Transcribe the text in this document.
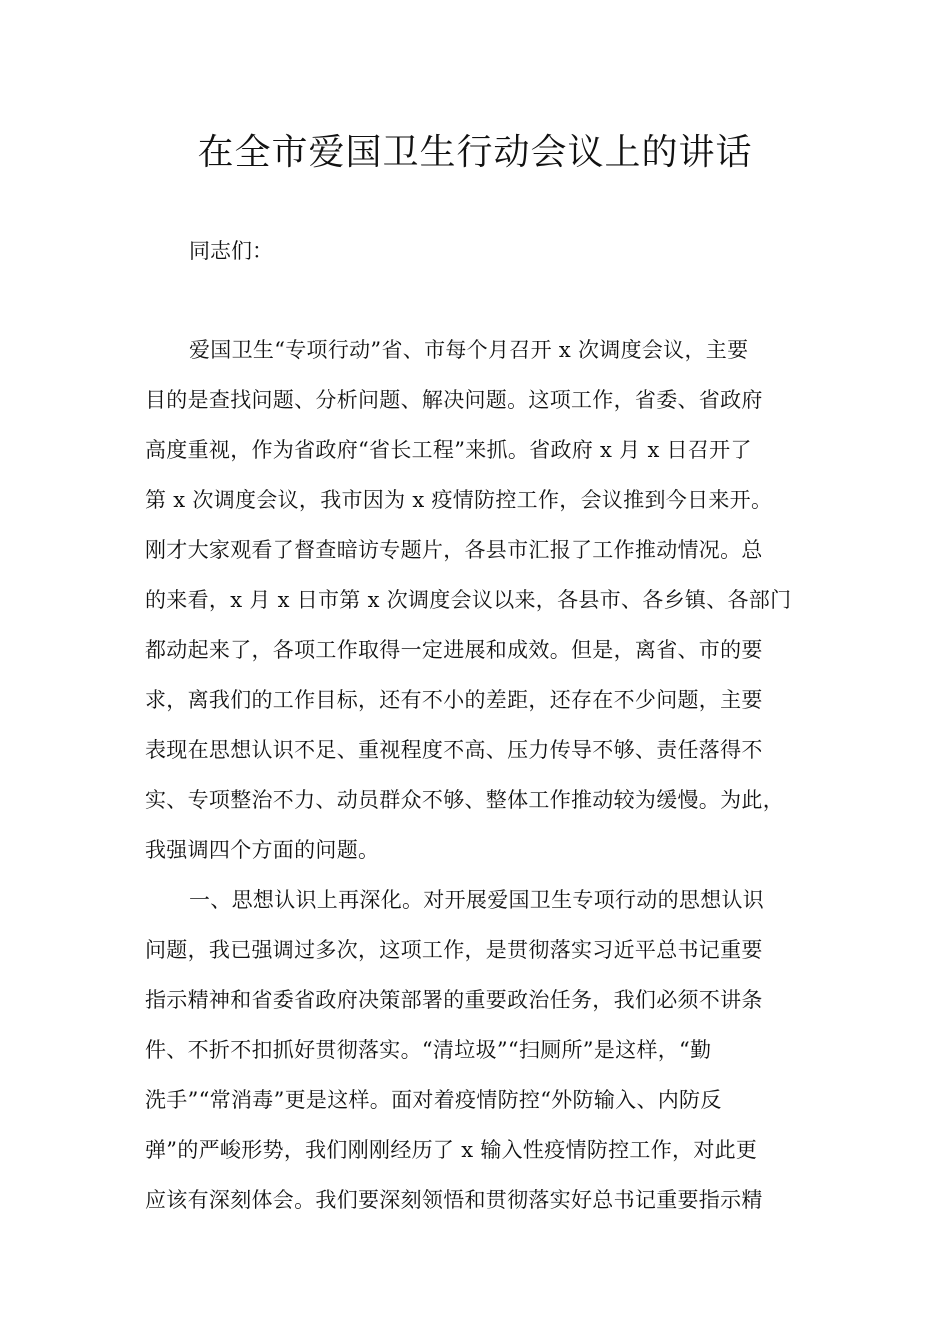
在全市爱国卫生行动会议上的讲话

同志们：

爱国卫生“专项行动”省、市每个月召开 x 次调度会议，主要
目的是查找问题、分析问题、解决问题。这项工作，省委、省政府
高度重视，作为省政府“省长工程”来抓。省政府 x 月 x 日召开了
第 x 次调度会议，我市因为 x 疫情防控工作，会议推到今日来开。
刚才大家观看了督查暗访专题片，各县市汇报了工作推动情况。总
的来看，x 月 x 日市第 x 次调度会议以来，各县市、各乡镇、各部门
都动起来了，各项工作取得一定进展和成效。但是，离省、市的要
求，离我们的工作目标，还有不小的差距，还存在不少问题，主要
表现在思想认识不足、重视程度不高、压力传导不够、责任落得不
实、专项整治不力、动员群众不够、整体工作推动较为缓慢。为此，
我强调四个方面的问题。
一、思想认识上再深化。对开展爱国卫生专项行动的思想认识
问题，我已强调过多次，这项工作，是贯彻落实习近平总书记重要
指示精神和省委省政府决策部署的重要政治任务，我们必须不讲条
件、不折不扣抓好贯彻落实。“清垃圾”“扫厕所”是这样，“勤
洗手”“常消毒”更是这样。面对着疫情防控“外防输入、内防反
弹”的严峻形势，我们刚刚经历了 x 输入性疫情防控工作，对此更
应该有深刻体会。我们要深刻领悟和贯彻落实好总书记重要指示精
